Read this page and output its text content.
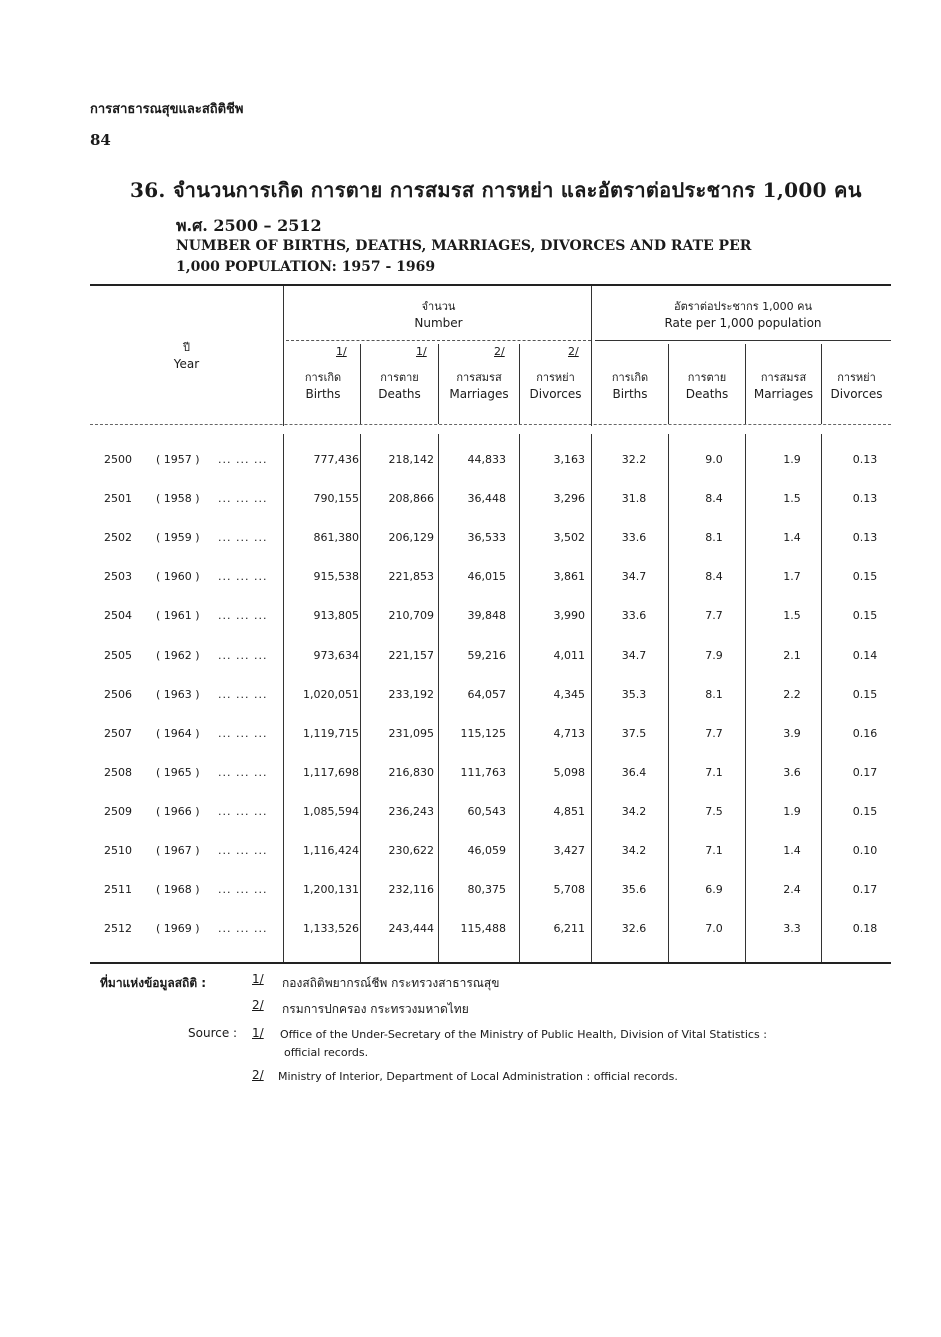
การสาธารณสุขและสถิติชีพ
84
36. จำนวนการเกิด การตาย การสมรส การหย่า และอัตราต่อประชากร 1,000 คน
พ.ศ. 2500 – 2512
NUMBER OF BIRTHS, DEATHS, MARRIAGES, DIVORCES AND RATE PER
1,000 POPULATION: 1957 - 1969
ปี
Year
จำนวน
Number
อัตราต่อประชากร 1,000 คน
Rate per 1,000 population
1/	1/	2/	2/
การเกิด
Births
การตาย
Deaths
การสมรส
Marriages
การหย่า
Divorces
การเกิด
Births
การตาย
Deaths
การสมรส
Marriages
การหย่า
Divorces
2500 ( 1957 ) ... ... ...	777,436	218,142	44,833	3,163	32.2	9.0	1.9	0.13
2501 ( 1958 ) ... ... ...	790,155	208,866	36,448	3,296	31.8	8.4	1.5	0.13
2502 ( 1959 ) ... ... ...	861,380	206,129	36,533	3,502	33.6	8.1	1.4	0.13
2503 ( 1960 ) ... ... ...	915,538	221,853	46,015	3,861	34.7	8.4	1.7	0.15
2504 ( 1961 ) ... ... ...	913,805	210,709	39,848	3,990	33.6	7.7	1.5	0.15
2505 ( 1962 ) ... ... ...	973,634	221,157	59,216	4,011	34.7	7.9	2.1	0.14
2506 ( 1963 ) ... ... ...	1,020,051	233,192	64,057	4,345	35.3	8.1	2.2	0.15
2507 ( 1964 ) ... ... ...	1,119,715	231,095 115,125	4,713	37.5	7.7	3.9	0.16
2508 ( 1965 ) ... ... ...	1,117,698	216,830 111,763	5,098	36.4	7.1	3.6	0.17
2509 ( 1966 ) ... ... ...	1,085,594	236,243	60,543	4,851	34.2	7.5	1.9	0.15
2510 ( 1967 ) ... ... ...	1,116,424	230,622	46,059	3,427	34.2	7.1	1.4	0.10
2511 ( 1968 ) ... ... ...	1,200,131	232,116	80,375	5,708	35.6	6.9	2.4	0.17
2512 ( 1969 ) ... ... ...	1,133,526	243,444 115,488	6,211	32.6	7.0	3.3	0.18
ที่มาแห่งข้อมูลสถิติ :	1/ กองสถิติพยากรณ์ชีพ กระทรวงสาธารณสุข
2/ กรมการปกครอง กระทรวงมหาดไทย
Source : 1/ Office of the Under-Secretary of the Ministry of Public Health, Division of Vital Statistics :
official records.
2/ Ministry of Interior, Department of Local Administration : official records.
